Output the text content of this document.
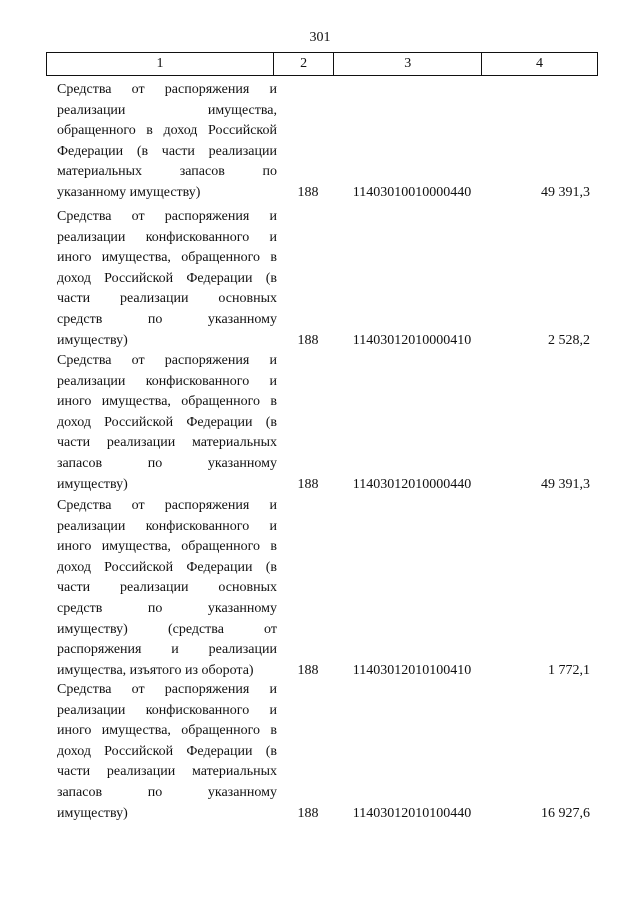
301
1	2	3	4
Средства от распоряжения и
реализации	имущества,
обращенного в доход Российской
Федерации (в части реализации
материальных	запасов	по
указанному имуществу)	188	11403010010000440	49 391,3
Средства от распоряжения и
реализации конфискованного и
иного имущества, обращенного в
доход Российской Федерации (в
части реализации основных
средств	по	указанному
имуществу)	188	11403012010000410	2 528,2
Средства от распоряжения и
реализации конфискованного и
иного имущества, обращенного в
доход Российской Федерации (в
части реализации материальных
запасов	по	указанному
имуществу)	188	11403012010000440	49 391,3
Средства от распоряжения и
реализации конфискованного и
иного имущества, обращенного в
доход Российской Федерации (в
части реализации основных
средств	по	указанному
имуществу)	(средства	от
распоряжения и реализации
имущества, изъятого из оборота)	188	11403012010100410	1 772,1
Средства от распоряжения и
реализации конфискованного и
иного имущества, обращенного в
доход Российской Федерации (в
части реализации материальных
запасов	по	указанному
имуществу)	188	11403012010100440	16 927,6
